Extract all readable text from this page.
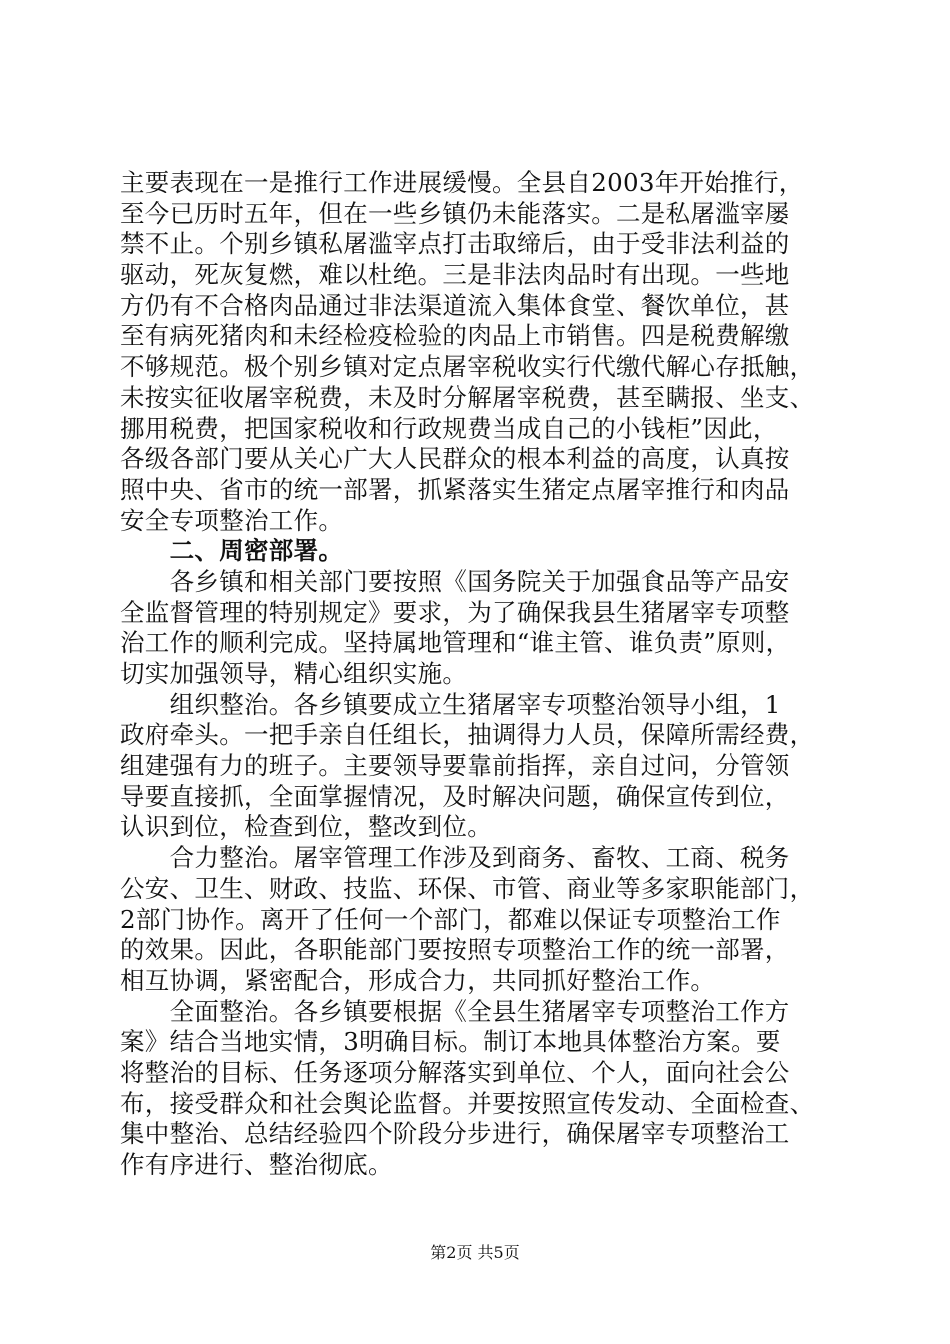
主要表现在一是推行工作进展缓慢。全县自2003年开始推行，
至今已历时五年，但在一些乡镇仍未能落实。二是私屠滥宰屡
禁不止。个别乡镇私屠滥宰点打击取缔后，由于受非法利益的
驱动，死灰复燃，难以杜绝。三是非法肉品时有出现。一些地
方仍有不合格肉品通过非法渠道流入集体食堂、餐饮单位，甚
至有病死猪肉和未经检疫检验的肉品上市销售。四是税费解缴
不够规范。极个别乡镇对定点屠宰税收实行代缴代解心存抵触，
未按实征收屠宰税费，未及时分解屠宰税费，甚至瞒报、坐支、
挪用税费，把国家税收和行政规费当成自己的小钱柜”因此，
各级各部门要从关心广大人民群众的根本利益的高度，认真按
照中央、省市的统一部署，抓紧落实生猪定点屠宰推行和肉品
安全专项整治工作。
　　二、周密部署。
　　各乡镇和相关部门要按照《国务院关于加强食品等产品安
全监督管理的特别规定》要求，为了确保我县生猪屠宰专项整
治工作的顺利完成。坚持属地管理和“谁主管、谁负责”原则，
切实加强领导，精心组织实施。
　　组织整治。各乡镇要成立生猪屠宰专项整治领导小组，1
政府牵头。一把手亲自任组长，抽调得力人员，保障所需经费，
组建强有力的班子。主要领导要靠前指挥，亲自过问，分管领
导要直接抓，全面掌握情况，及时解决问题，确保宣传到位，
认识到位，检查到位，整改到位。
　　合力整治。屠宰管理工作涉及到商务、畜牧、工商、税务
公安、卫生、财政、技监、环保、市管、商业等多家职能部门，
2部门协作。离开了任何一个部门，都难以保证专项整治工作
的效果。因此，各职能部门要按照专项整治工作的统一部署，
相互协调，紧密配合，形成合力，共同抓好整治工作。
　　全面整治。各乡镇要根据《全县生猪屠宰专项整治工作方
案》结合当地实情，3明确目标。制订本地具体整治方案。要
将整治的目标、任务逐项分解落实到单位、个人，面向社会公
布，接受群众和社会舆论监督。并要按照宣传发动、全面检查、
集中整治、总结经验四个阶段分步进行，确保屠宰专项整治工
作有序进行、整治彻底。
第2页 共5页
